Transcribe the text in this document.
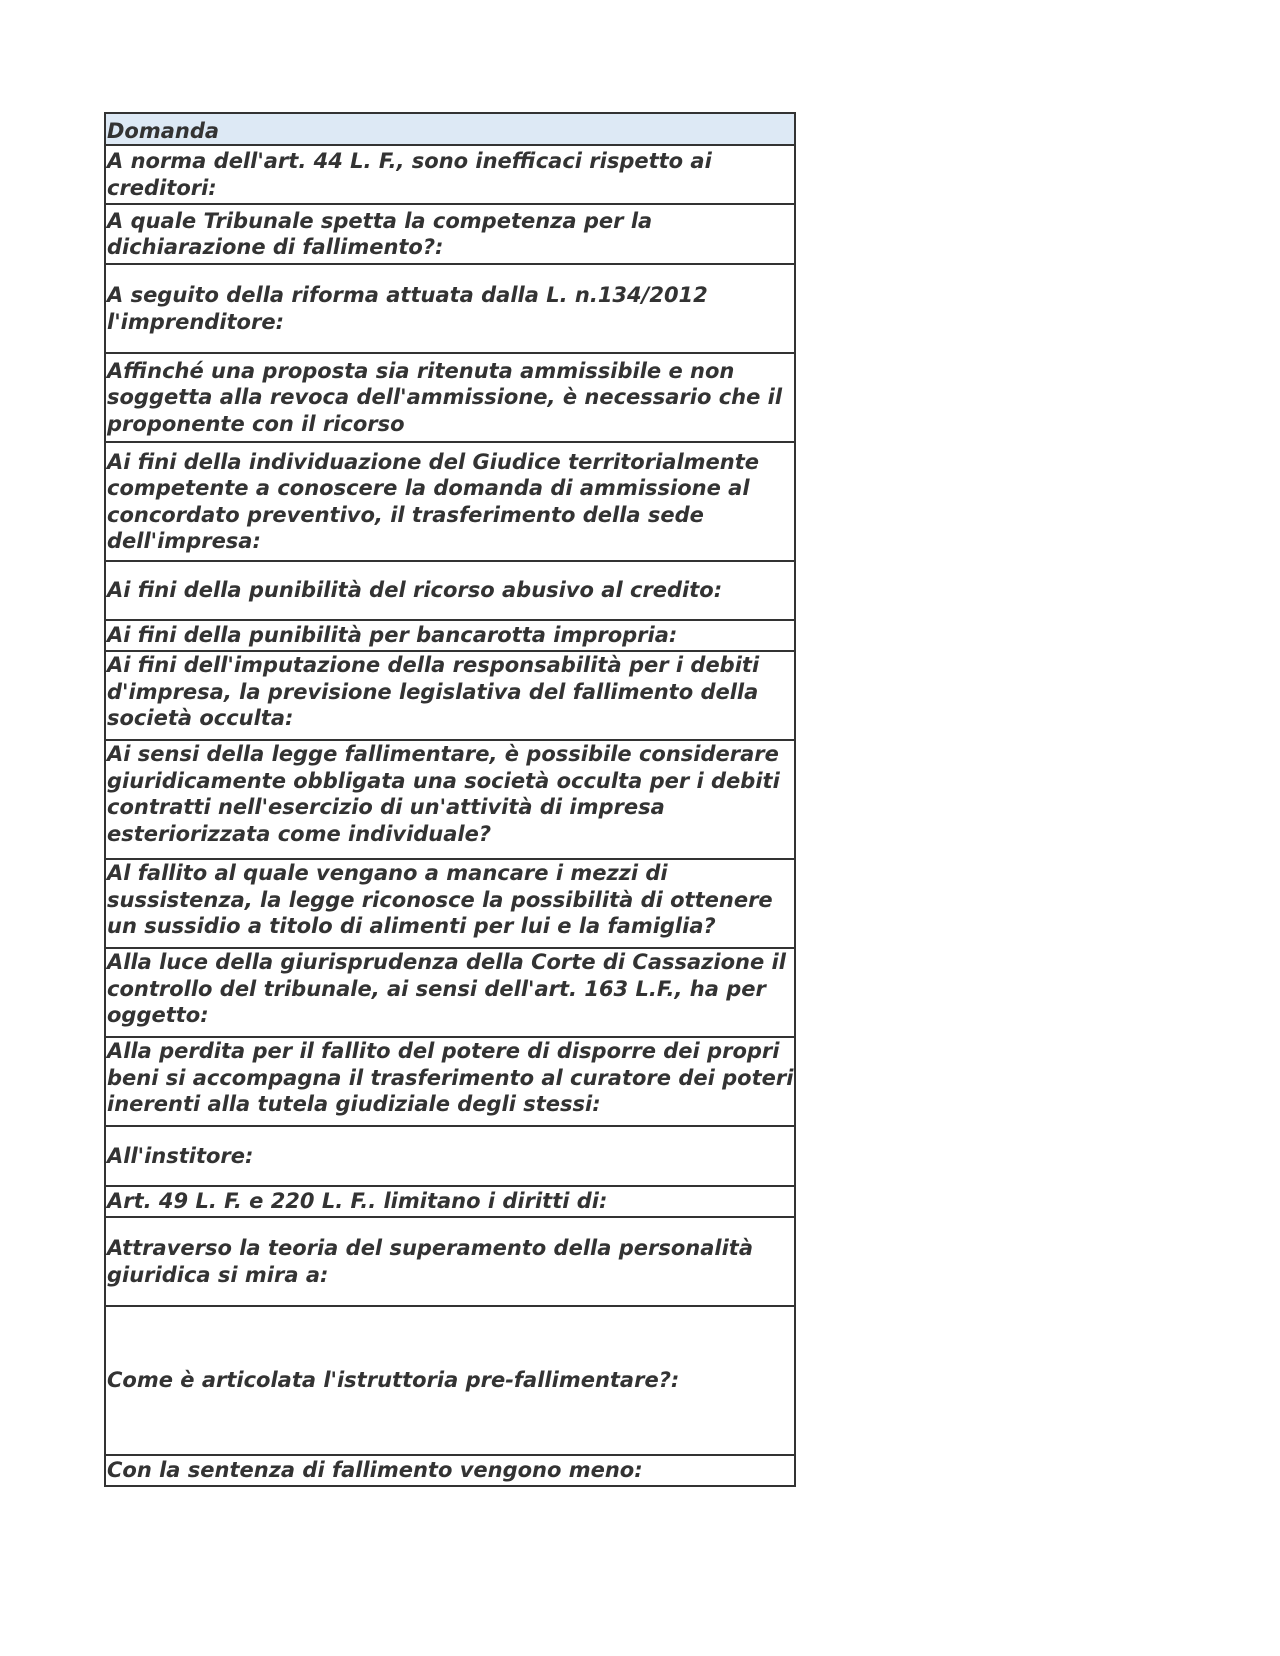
Domanda
A norma dell'art. 44 L. F., sono inefficaci rispetto ai creditori:
A quale Tribunale spetta la competenza per la dichiarazione di fallimento?:
A seguito della riforma attuata dalla L. n.134/2012 l'imprenditore:
Affinché una proposta sia ritenuta ammissibile e non soggetta alla revoca dell'ammissione, è necessario che il proponente con il ricorso
Ai fini della individuazione del Giudice territorialmente competente a conoscere la domanda di ammissione al concordato preventivo, il trasferimento della sede dell'impresa:
Ai fini della punibilità del ricorso abusivo al credito:
Ai fini della punibilità per bancarotta impropria:
Ai fini dell'imputazione della responsabilità per i debiti d'impresa, la previsione legislativa del fallimento della società occulta:
Ai sensi della legge fallimentare, è possibile considerare giuridicamente obbligata una società occulta per i debiti contratti nell'esercizio di un'attività di impresa esteriorizzata come individuale?
Al fallito al quale vengano a mancare i mezzi di sussistenza, la legge riconosce la possibilità di ottenere un sussidio a titolo di alimenti per lui e la famiglia?
Alla luce della giurisprudenza della Corte di Cassazione il controllo del tribunale, ai sensi dell'art. 163 L.F., ha per oggetto:
Alla perdita per il fallito del potere di disporre dei propri beni si accompagna il trasferimento al curatore dei poteri inerenti alla tutela giudiziale degli stessi:
All'institore:
Art. 49 L. F. e 220 L. F.. limitano i diritti di:
Attraverso la teoria del superamento della personalità giuridica si mira a:
Come è articolata l'istruttoria pre-fallimentare?:
Con la sentenza di fallimento vengono meno:
